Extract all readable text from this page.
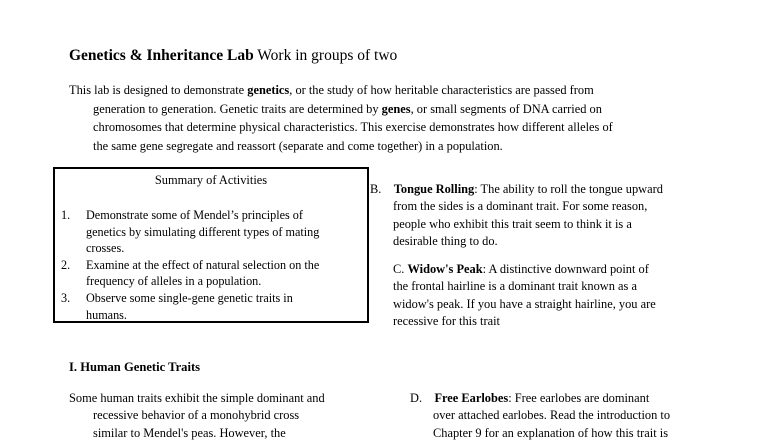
Genetics & Inheritance Lab Work in groups of two
This lab is designed to demonstrate genetics, or the study of how heritable characteristics are passed from
generation to generation. Genetic traits are determined by genes, or small segments of DNA carried on
chromosomes that determine physical characteristics. This exercise demonstrates how different alleles of
the same gene segregate and reassort (separate and come together) in a population.
Summary of Activities
1. Demonstrate some of Mendel’s principles of
genetics by simulating different types of mating
crosses.
2. Examine at the effect of natural selection on the
frequency of alleles in a population.
3. Observe some single-gene genetic traits in
humans.
B. Tongue Rolling: The ability to roll the tongue upward
from the sides is a dominant trait. For some reason,
people who exhibit this trait seem to think it is a
desirable thing to do.
C. Widow's Peak: A distinctive downward point of
the frontal hairline is a dominant trait known as a
widow's peak. If you have a straight hairline, you are
recessive for this trait
I. Human Genetic Traits
Some human traits exhibit the simple dominant and
recessive behavior of a monohybrid cross
similar to Mendel's peas. However, the
D. Free Earlobes: Free earlobes are dominant
over attached earlobes. Read the introduction to
Chapter 9 for an explanation of how this trait is
